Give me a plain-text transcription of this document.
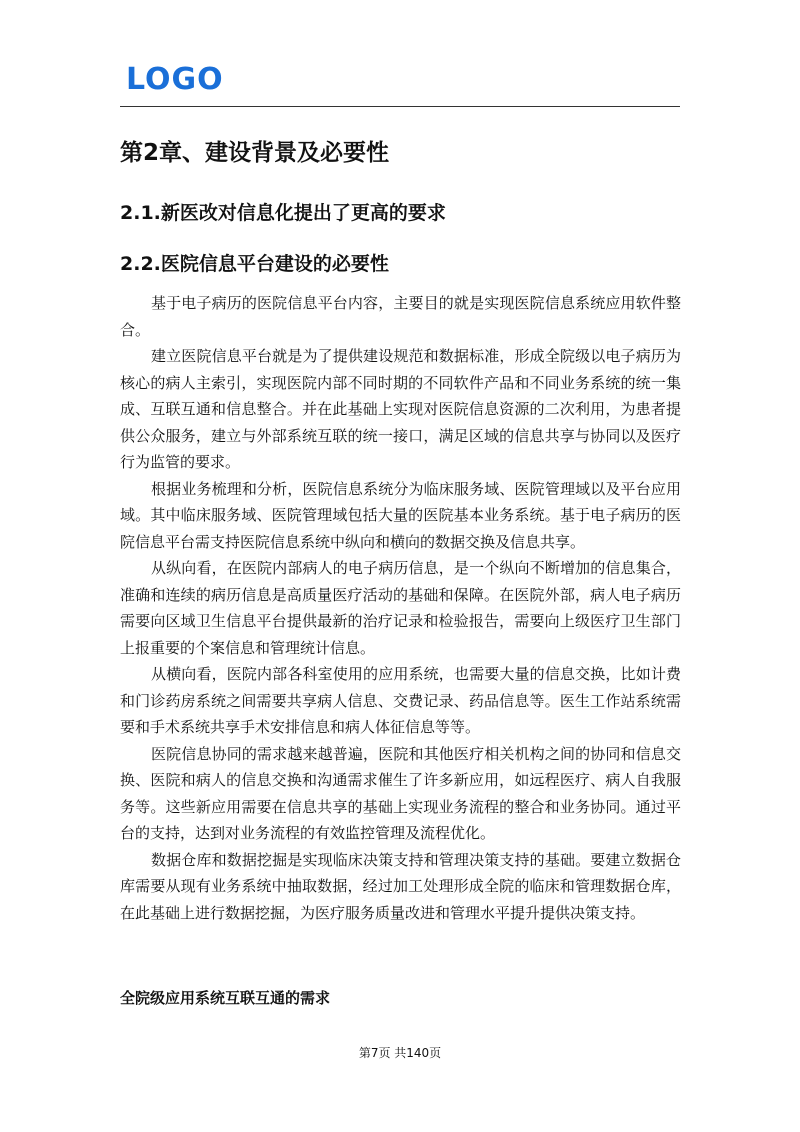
LOGO
第2章、建设背景及必要性
2.1.新医改对信息化提出了更高的要求
2.2.医院信息平台建设的必要性

基于电子病历的医院信息平台内容，主要目的就是实现医院信息系统应用软件整合。

建立医院信息平台就是为了提供建设规范和数据标准，形成全院级以电子病历为核心的病人主索引，实现医院内部不同时期的不同软件产品和不同业务系统的统一集成、互联互通和信息整合。并在此基础上实现对医院信息资源的二次利用，为患者提供公众服务，建立与外部系统互联的统一接口，满足区域的信息共享与协同以及医疗行为监管的要求。

根据业务梳理和分析，医院信息系统分为临床服务域、医院管理域以及平台应用域。其中临床服务域、医院管理域包括大量的医院基本业务系统。基于电子病历的医院信息平台需支持医院信息系统中纵向和横向的数据交换及信息共享。

从纵向看，在医院内部病人的电子病历信息，是一个纵向不断增加的信息集合，准确和连续的病历信息是高质量医疗活动的基础和保障。在医院外部，病人电子病历需要向区域卫生信息平台提供最新的治疗记录和检验报告，需要向上级医疗卫生部门上报重要的个案信息和管理统计信息。

从横向看，医院内部各科室使用的应用系统，也需要大量的信息交换，比如计费和门诊药房系统之间需要共享病人信息、交费记录、药品信息等。医生工作站系统需要和手术系统共享手术安排信息和病人体征信息等等。

医院信息协同的需求越来越普遍，医院和其他医疗相关机构之间的协同和信息交换、医院和病人的信息交换和沟通需求催生了许多新应用，如远程医疗、病人自我服务等。这些新应用需要在信息共享的基础上实现业务流程的整合和业务协同。通过平台的支持，达到对业务流程的有效监控管理及流程优化。

数据仓库和数据挖掘是实现临床决策支持和管理决策支持的基础。要建立数据仓库需要从现有业务系统中抽取数据，经过加工处理形成全院的临床和管理数据仓库，在此基础上进行数据挖掘，为医疗服务质量改进和管理水平提升提供决策支持。

全院级应用系统互联互通的需求
第7页 共140页
